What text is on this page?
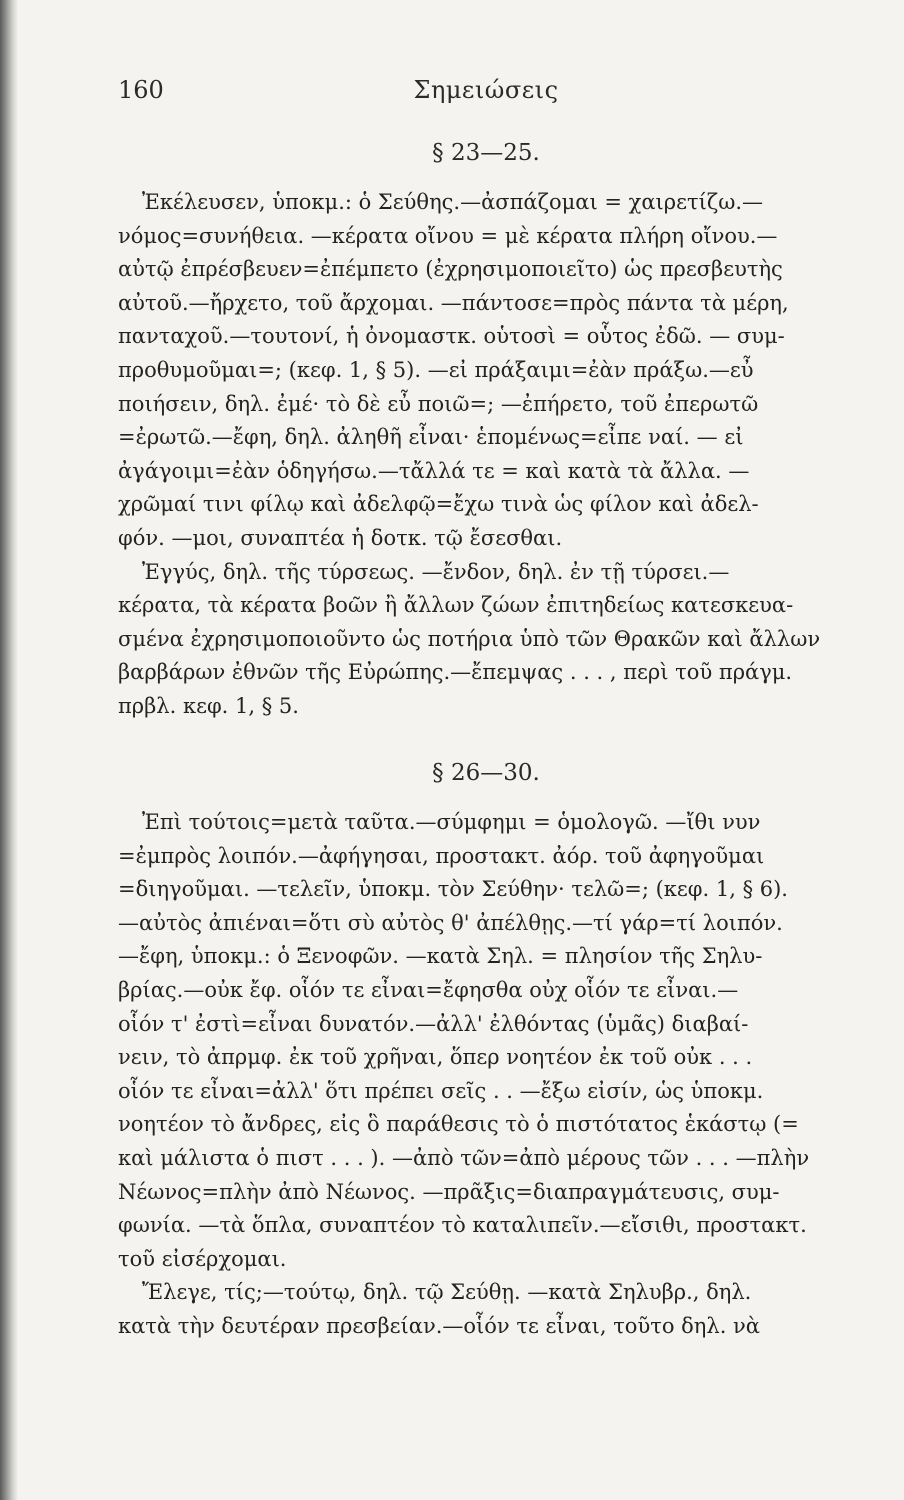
160	Σημειώσεις
§ 23—25.
Ἐκέλευσεν, ὑποκμ.: ὁ Σεύθης.—ἀσπάζομαι = χαιρετίζω.—
νόμος=συνήθεια. —κέρατα οἴνου = μὲ κέρατα πλήρη οἴνου.—
αὐτῷ ἐπρέσβευεν=ἐπέμπετο (ἐχρησιμοποιεῖτο) ὡς πρεσβευτὴς
αὐτοῦ.—ἤρχετο, τοῦ ἄρχομαι. —πάντοσε=πρὸς πάντα τὰ μέρη,
πανταχοῦ.—τουτονί, ἡ ὀνομαστκ. οὑτοσὶ = οὗτος ἐδῶ. — συμ-
προθυμοῦμαι=; (κεφ. 1, § 5). —εἰ πράξαιμι=ἐὰν πράξω.—εὖ
ποιήσειν, δηλ. ἐμέ· τὸ δὲ εὖ ποιῶ=; —ἐπήρετο, τοῦ ἐπερωτῶ
=ἐρωτῶ.—ἔφη, δηλ. ἀληθῆ εἶναι· ἑπομένως=εἶπε ναί. — εἰ
ἀγάγοιμι=ἐὰν ὁδηγήσω.—τἄλλά τε = καὶ κατὰ τὰ ἄλλα. —
χρῶμαί τινι φίλῳ καὶ ἀδελφῷ=ἔχω τινὰ ὡς φίλον καὶ ἀδελ-
φόν. —μοι, συναπτέα ἡ δοτκ. τῷ ἔσεσθαι.
Ἐγγύς, δηλ. τῆς τύρσεως. —ἔνδον, δηλ. ἐν τῇ τύρσει.—
κέρατα, τὰ κέρατα βοῶν ἢ ἄλλων ζώων ἐπιτηδείως κατεσκευα-
σμένα ἐχρησιμοποιοῦντο ὡς ποτήρια ὑπὸ τῶν Θρακῶν καὶ ἄλλων
βαρβάρων ἐθνῶν τῆς Εὐρώπης.—ἔπεμψας . . . , περὶ τοῦ πράγμ.
πρβλ. κεφ. 1, § 5.
§ 26—30.
Ἐπὶ τούτοις=μετὰ ταῦτα.—σύμφημι = ὁμολογῶ. —ἴθι νυν
=ἐμπρὸς λοιπόν.—ἀφήγησαι, προστακτ. ἀόρ. τοῦ ἀφηγοῦμαι
=διηγοῦμαι. —τελεῖν, ὑποκμ. τὸν Σεύθην· τελῶ=; (κεφ. 1, § 6).
—αὐτὸς ἀπιέναι=ὅτι σὺ αὐτὸς θ' ἀπέλθῃς.—τί γάρ=τί λοιπόν.
—ἔφη, ὑποκμ.: ὁ Ξενοφῶν. —κατὰ Σηλ. = πλησίον τῆς Σηλυ-
βρίας.—οὐκ ἔφ. οἷόν τε εἶναι=ἔφησθα οὐχ οἷόν τε εἶναι.—
οἷόν τ' ἐστὶ=εἶναι δυνατόν.—ἀλλ' ἐλθόντας (ὑμᾶς) διαβαί-
νειν, τὸ ἀπρμφ. ἐκ τοῦ χρῆναι, ὅπερ νοητέον ἐκ τοῦ οὐκ . . .
οἷόν τε εἶναι=ἀλλ' ὅτι πρέπει σεῖς . . —ἔξω εἰσίν, ὡς ὑποκμ.
νοητέον τὸ ἄνδρες, εἰς ὃ παράθεσις τὸ ὁ πιστότατος ἑκάστῳ (=
καὶ μάλιστα ὁ πιστ . . . ). —ἀπὸ τῶν=ἀπὸ μέρους τῶν . . . —πλὴν
Νέωνος=πλὴν ἀπὸ Νέωνος. —πρᾶξις=διαπραγμάτευσις, συμ-
φωνία. —τὰ ὅπλα, συναπτέον τὸ καταλιπεῖν.—εἴσιθι, προστακτ.
τοῦ εἰσέρχομαι.
Ἔλεγε, τίς;—τούτῳ, δηλ. τῷ Σεύθῃ. —κατὰ Σηλυβρ., δηλ.
κατὰ τὴν δευτέραν πρεσβείαν.—οἷόν τε εἶναι, τοῦτο δηλ. νὰ
